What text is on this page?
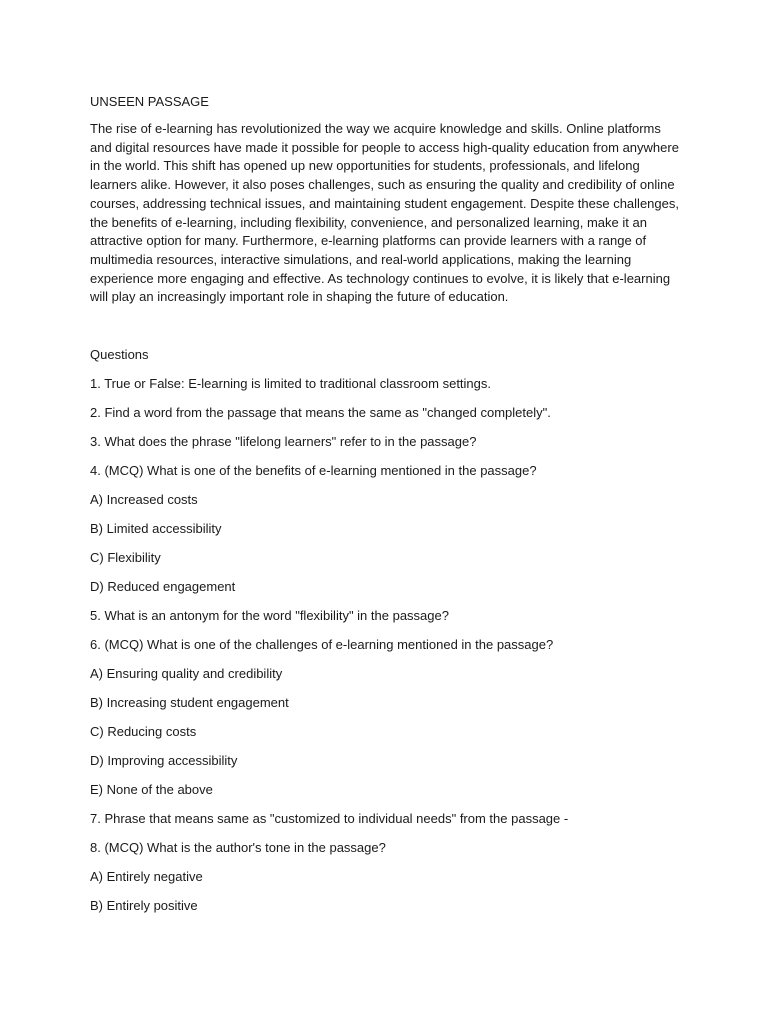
UNSEEN PASSAGE

The rise of e-learning has revolutionized the way we acquire knowledge and skills. Online platforms and digital resources have made it possible for people to access high-quality education from anywhere in the world. This shift has opened up new opportunities for students, professionals, and lifelong learners alike. However, it also poses challenges, such as ensuring the quality and credibility of online courses, addressing technical issues, and maintaining student engagement. Despite these challenges, the benefits of e-learning, including flexibility, convenience, and personalized learning, make it an attractive option for many. Furthermore, e-learning platforms can provide learners with a range of multimedia resources, interactive simulations, and real-world applications, making the learning experience more engaging and effective. As technology continues to evolve, it is likely that e-learning will play an increasingly important role in shaping the future of education.

Questions
1. True or False: E-learning is limited to traditional classroom settings.
2. Find a word from the passage that means the same as "changed completely".
3. What does the phrase "lifelong learners" refer to in the passage?
4. (MCQ) What is one of the benefits of e-learning mentioned in the passage?
A) Increased costs
B) Limited accessibility
C) Flexibility
D) Reduced engagement
5. What is an antonym for the word "flexibility" in the passage?
6. (MCQ) What is one of the challenges of e-learning mentioned in the passage?
A) Ensuring quality and credibility
B) Increasing student engagement
C) Reducing costs
D) Improving accessibility
E) None of the above
7. Phrase that means same as "customized to individual needs" from the passage -
8. (MCQ) What is the author's tone in the passage?
A) Entirely negative
B) Entirely positive
